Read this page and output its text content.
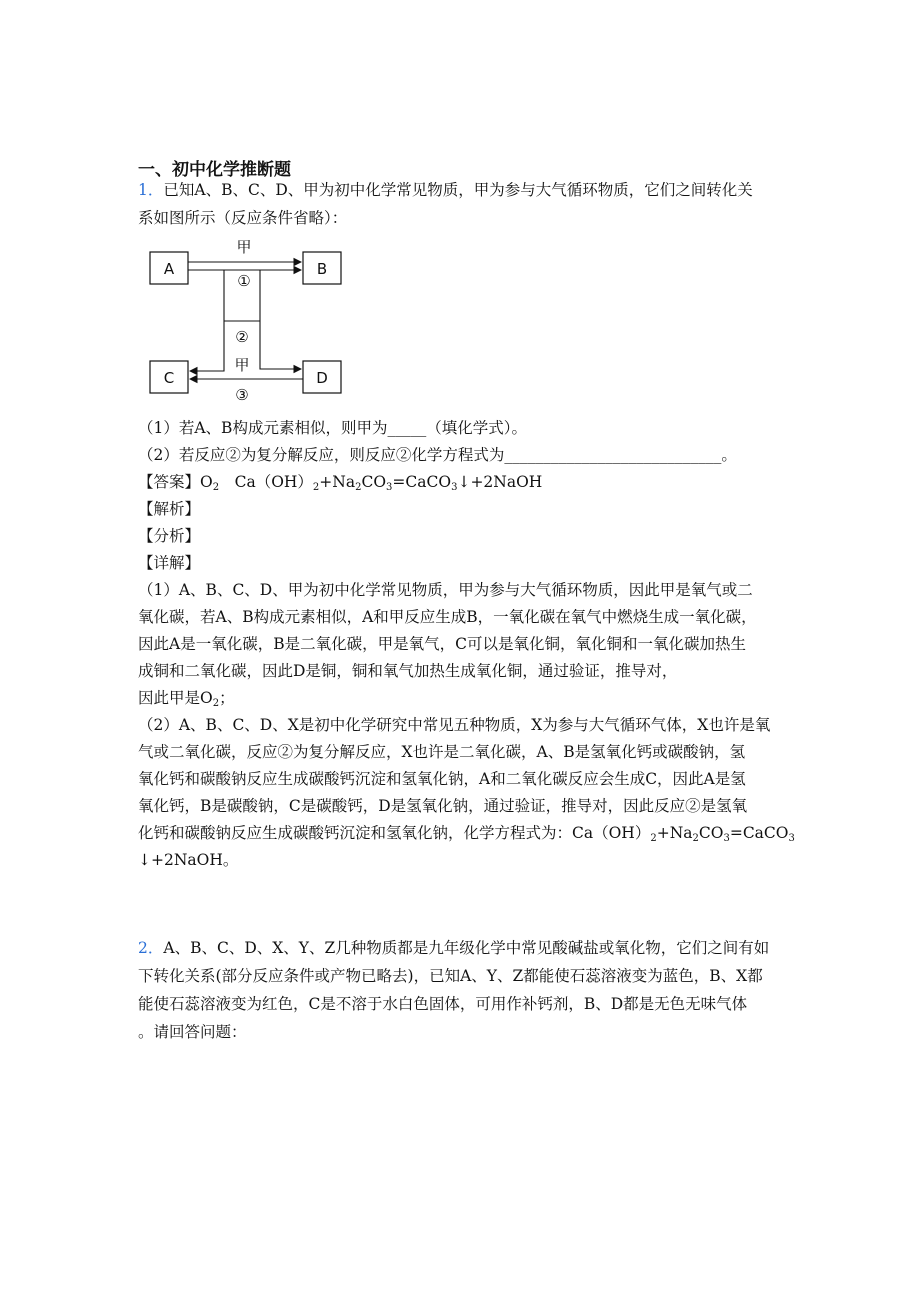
一、初中化学推断题
1．已知A、B、C、D、甲为初中化学常见物质，甲为参与大气循环物质，它们之间转化关
系如图所示（反应条件省略）：
A	B
C	D
甲
①
②
甲
③
（1）若A、B构成元素相似，则甲为_____（填化学式）。
（2）若反应②为复分解反应，则反应②化学方程式为____________________________。
【答案】$O_2$　$Ca(OH)_2+Na_2CO_3=CaCO_3↓+2NaOH$
【解析】
【分析】
【详解】
（1）A、B、C、D、甲为初中化学常见物质，甲为参与大气循环物质，因此甲是氧气或二
氧化碳，若A、B构成元素相似，A和甲反应生成B，一氧化碳在氧气中燃烧生成一氧化碳，
因此A是一氧化碳，B是二氧化碳，甲是氧气，C可以是氧化铜，氧化铜和一氧化碳加热生
成铜和二氧化碳，因此D是铜，铜和氧气加热生成氧化铜，通过验证，推导对，
因此甲是$O_2$；
（2）A、B、C、D、X是初中化学研究中常见五种物质，X为参与大气循环气体，X也许是氧
气或二氧化碳，反应②为复分解反应，X也许是二氧化碳，A、B是氢氧化钙或碳酸钠，氢
氧化钙和碳酸钠反应生成碳酸钙沉淀和氢氧化钠，A和二氧化碳反应会生成C，因此A是氢
氧化钙，B是碳酸钠，C是碳酸钙，D是氢氧化钠，通过验证，推导对，因此反应②是氢氧
化钙和碳酸钠反应生成碳酸钙沉淀和氢氧化钠，化学方程式为：$Ca(OH)_2+Na_2CO_3=CaCO_3$
↓+2NaOH。
2．A、B、C、D、X、Y、Z几种物质都是九年级化学中常见酸碱盐或氧化物，它们之间有如
下转化关系(部分反应条件或产物已略去)，已知A、Y、Z都能使石蕊溶液变为蓝色，B、X都
能使石蕊溶液变为红色，C是不溶于水白色固体，可用作补钙剂，B、D都是无色无味气体
。请回答问题：
